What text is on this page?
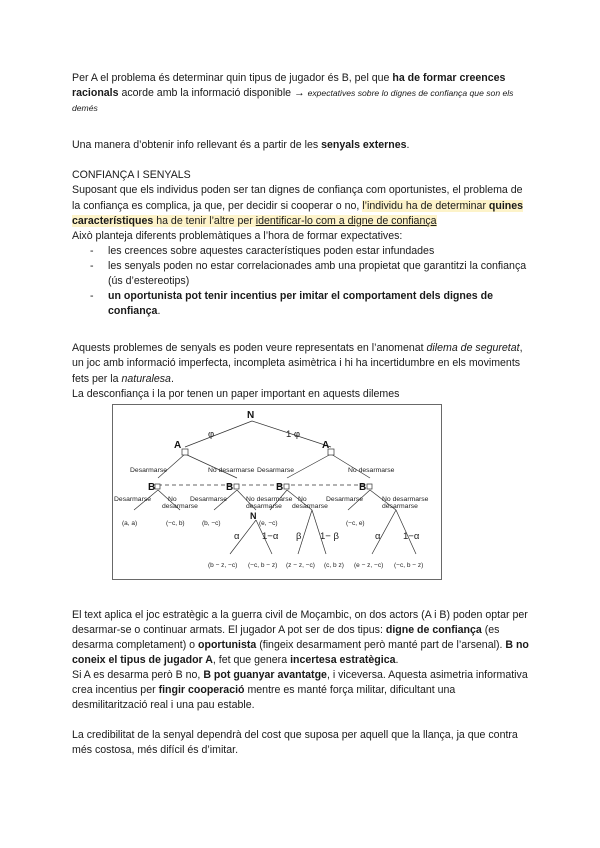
Per A el problema és determinar quin tipus de jugador és B, pel que ha de formar creences racionals acorde amb la informació disponible → expectatives sobre lo dignes de confiança que son els demés

Una manera d’obtenir info rellevant és a partir de les senyals externes.

CONFIANÇA I SENYALS

Suposant que els individus poden ser tan dignes de confiança com oportunistes, el problema de la confiança es complica, ja que, per decidir si cooperar o no, l’individu ha de determinar quines característiques ha de tenir l’altre per identificar-lo com a digne de confiança

Això planteja diferents problemàtiques a l’hora de formar expectatives:

- les creences sobre aquestes característiques poden estar infundades
- les senyals poden no estar correlacionades amb una propietat que garantitzi la confiança (ús d’estereotips)
- un oportunista pot tenir incentius per imitar el comportament dels dignes de confiança.

Aquests problemes de senyals es poden veure representats en l’anomenat dilema de seguretat, un joc amb informació imperfecta, incompleta asimètrica i hi ha incertidumbre en els moviments fets per la naturalesa.

La desconfiança i la por tenen un paper important en aquests dilemes

El text aplica el joc estratègic a la guerra civil de Moçambic, on dos actors (A i B) poden optar per desarmar-se o continuar armats. El jugador A pot ser de dos tipus: digne de confiança (es desarma completament) o oportunista (fingeix desarmament però manté part de l’arsenal). B no coneix el tipus de jugador A, fet que genera incertesa estratègica.

Si A es desarma però B no, B pot guanyar avantatge, i viceversa. Aquesta asimetria informativa crea incentius per fingir cooperació mentre es manté força militar, dificultant una desmilitarització real i una pau estable.

La credibilitat de la senyal dependrà del cost que suposa per aquell que la llança, ja que contra més costosa, més difícil és d’imitar.

N
A	A
B	B	B	B
N
φ	1 φ
α 1−α β 1− β	α 1−α
Desarmarse	No desarmarse Desarmarse	No desarmarse
Desarmarse No
desarmarse
Desarmarse	No desarmarse
desarmarse
No
desarmarse
Desarmarse	No desarmarse
desarmarse
(a, a)	(−c, b)	(b, −c)	(e, −c)	(−c, e)
(b − z, −c) (−c, b − z) (z − z, −c) (c, b z) (e − z, −c) (−c, b − z)
